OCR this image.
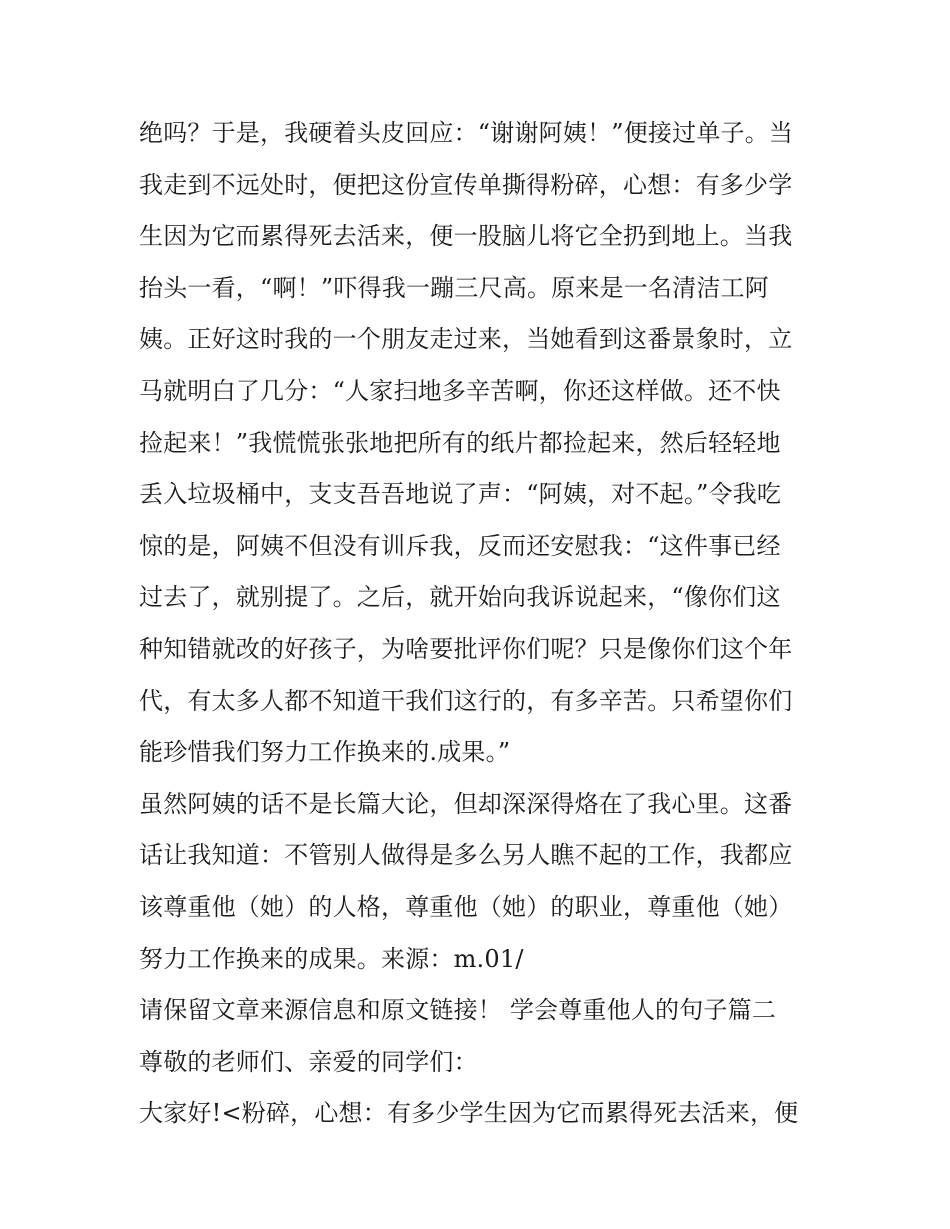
绝吗？于是，我硬着头皮回应：“谢谢阿姨！”便接过单子。当
我走到不远处时，便把这份宣传单撕得粉碎，心想：有多少学
生因为它而累得死去活来，便一股脑儿将它全扔到地上。当我
抬头一看，“啊！”吓得我一蹦三尺高。原来是一名清洁工阿
姨。正好这时我的一个朋友走过来，当她看到这番景象时，立
马就明白了几分：“人家扫地多辛苦啊，你还这样做。还不快
捡起来！”我慌慌张张地把所有的纸片都捡起来，然后轻轻地
丢入垃圾桶中，支支吾吾地说了声：“阿姨，对不起。”令我吃
惊的是，阿姨不但没有训斥我，反而还安慰我：“这件事已经
过去了，就别提了。之后，就开始向我诉说起来，“像你们这
种知错就改的好孩子，为啥要批评你们呢？只是像你们这个年
代，有太多人都不知道干我们这行的，有多辛苦。只希望你们
能珍惜我们努力工作换来的.成果。”
虽然阿姨的话不是长篇大论，但却深深得烙在了我心里。这番
话让我知道：不管别人做得是多么另人瞧不起的工作，我都应
该尊重他（她）的人格，尊重他（她）的职业，尊重他（她）
努力工作换来的成果。来源：m.01/
请保留文章来源信息和原文链接！ 学会尊重他人的句子篇二
尊敬的老师们、亲爱的同学们：
大家好!<粉碎，心想：有多少学生因为它而累得死去活来，便
